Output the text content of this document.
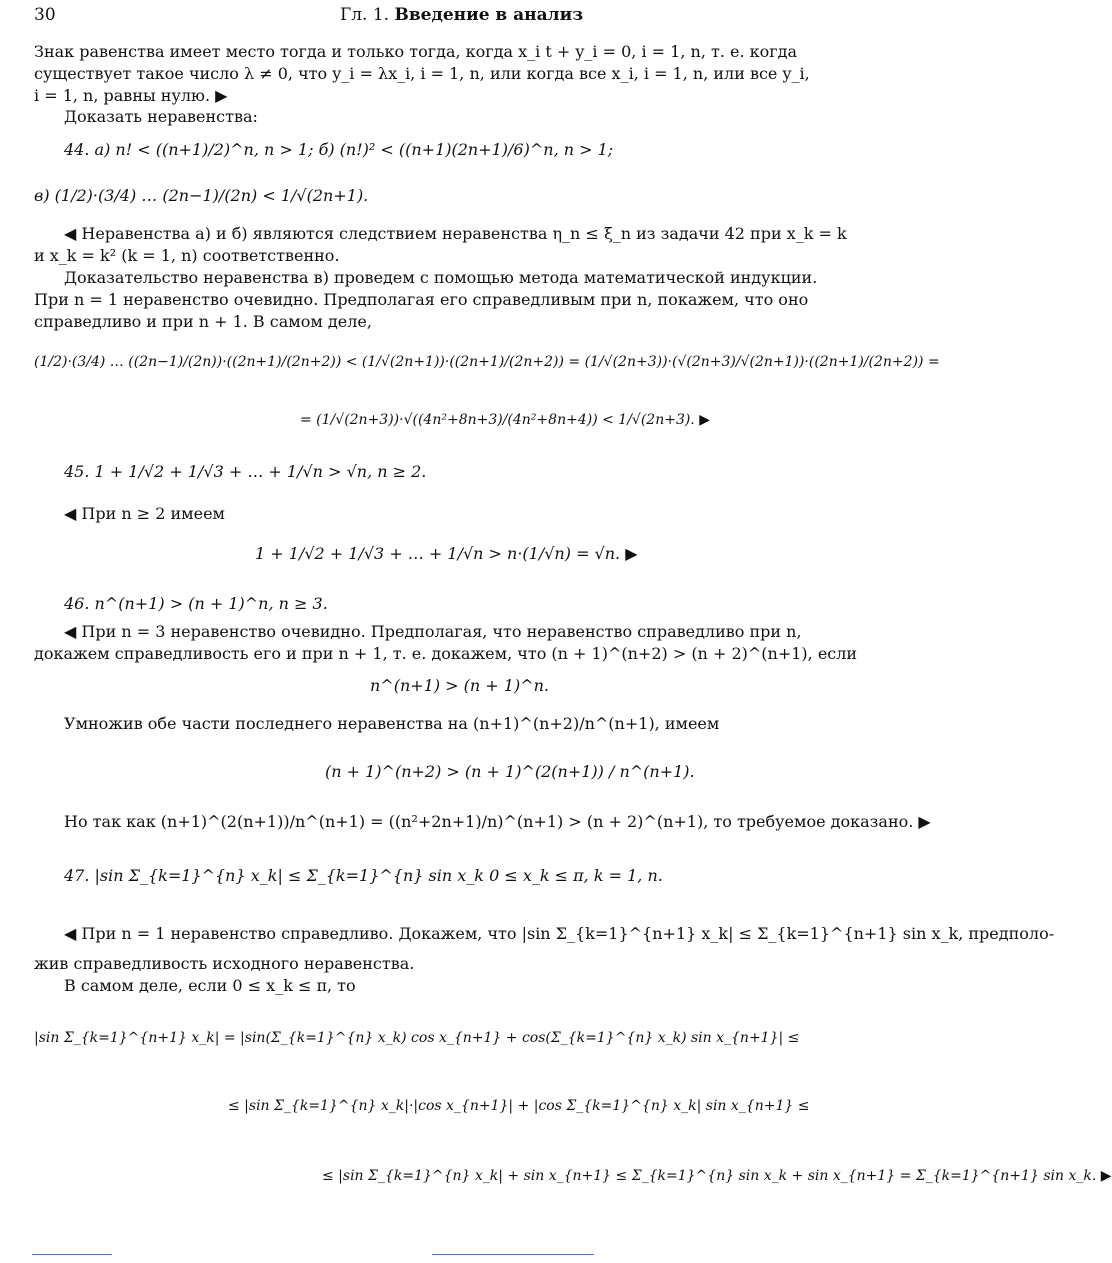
30	Гл. 1. Введение в анализ
Знак равенства имеет место тогда и только тогда, когда x_i t + y_i = 0, i = 1, n, т. е. когда
существует такое число λ ≠ 0, что y_i = λx_i, i = 1, n, или когда все x_i, i = 1, n, или все y_i,
i = 1, n, равны нулю. ▶
Доказать неравенства:
44. а) n! < ((n+1)/2)^n, n > 1; б) (n!)² < ((n+1)(2n+1)/6)^n, n > 1;
в) (1/2)·(3/4) … (2n−1)/(2n) < 1/√(2n+1).
◀ Неравенства а) и б) являются следствием неравенства η_n ≤ ξ_n из задачи 42 при x_k = k
и x_k = k² (k = 1, n) соответственно.
Доказательство неравенства в) проведем с помощью метода математической индукции.
При n = 1 неравенство очевидно. Предполагая его справедливым при n, покажем, что оно
справедливо и при n + 1. В самом деле,
(1/2)·(3/4) … ((2n−1)/(2n))·((2n+1)/(2n+2)) < (1/√(2n+1))·((2n+1)/(2n+2)) = (1/√(2n+3))·(√(2n+3)/√(2n+1))·((2n+1)/(2n+2)) =
= (1/√(2n+3))·√((4n²+8n+3)/(4n²+8n+4)) < 1/√(2n+3). ▶
45. 1 + 1/√2 + 1/√3 + … + 1/√n > √n, n ≥ 2.
◀ При n ≥ 2 имеем
1 + 1/√2 + 1/√3 + … + 1/√n > n·(1/√n) = √n. ▶
46. n^(n+1) > (n + 1)^n, n ≥ 3.
◀ При n = 3 неравенство очевидно. Предполагая, что неравенство справедливо при n,
докажем справедливость его и при n + 1, т. е. докажем, что (n + 1)^(n+2) > (n + 2)^(n+1), если
n^(n+1) > (n + 1)^n.
Умножив обе части последнего неравенства на (n+1)^(n+2)/n^(n+1), имеем
(n + 1)^(n+2) > (n + 1)^(2(n+1)) / n^(n+1).
Но так как (n+1)^(2(n+1))/n^(n+1) = ((n²+2n+1)/n)^(n+1) > (n + 2)^(n+1), то требуемое доказано. ▶
47. |sin Σ_{k=1}^{n} x_k| ≤ Σ_{k=1}^{n} sin x_k 0 ≤ x_k ≤ π, k = 1, n.
◀ При n = 1 неравенство справедливо. Докажем, что |sin Σ_{k=1}^{n+1} x_k| ≤ Σ_{k=1}^{n+1} sin x_k, предполо-
жив справедливость исходного неравенства.
В самом деле, если 0 ≤ x_k ≤ π, то
|sin Σ_{k=1}^{n+1} x_k| = |sin(Σ_{k=1}^{n} x_k) cos x_{n+1} + cos(Σ_{k=1}^{n} x_k) sin x_{n+1}| ≤
≤ |sin Σ_{k=1}^{n} x_k|·|cos x_{n+1}| + |cos Σ_{k=1}^{n} x_k| sin x_{n+1} ≤
≤ |sin Σ_{k=1}^{n} x_k| + sin x_{n+1} ≤ Σ_{k=1}^{n} sin x_k + sin x_{n+1} = Σ_{k=1}^{n+1} sin x_k. ▶
